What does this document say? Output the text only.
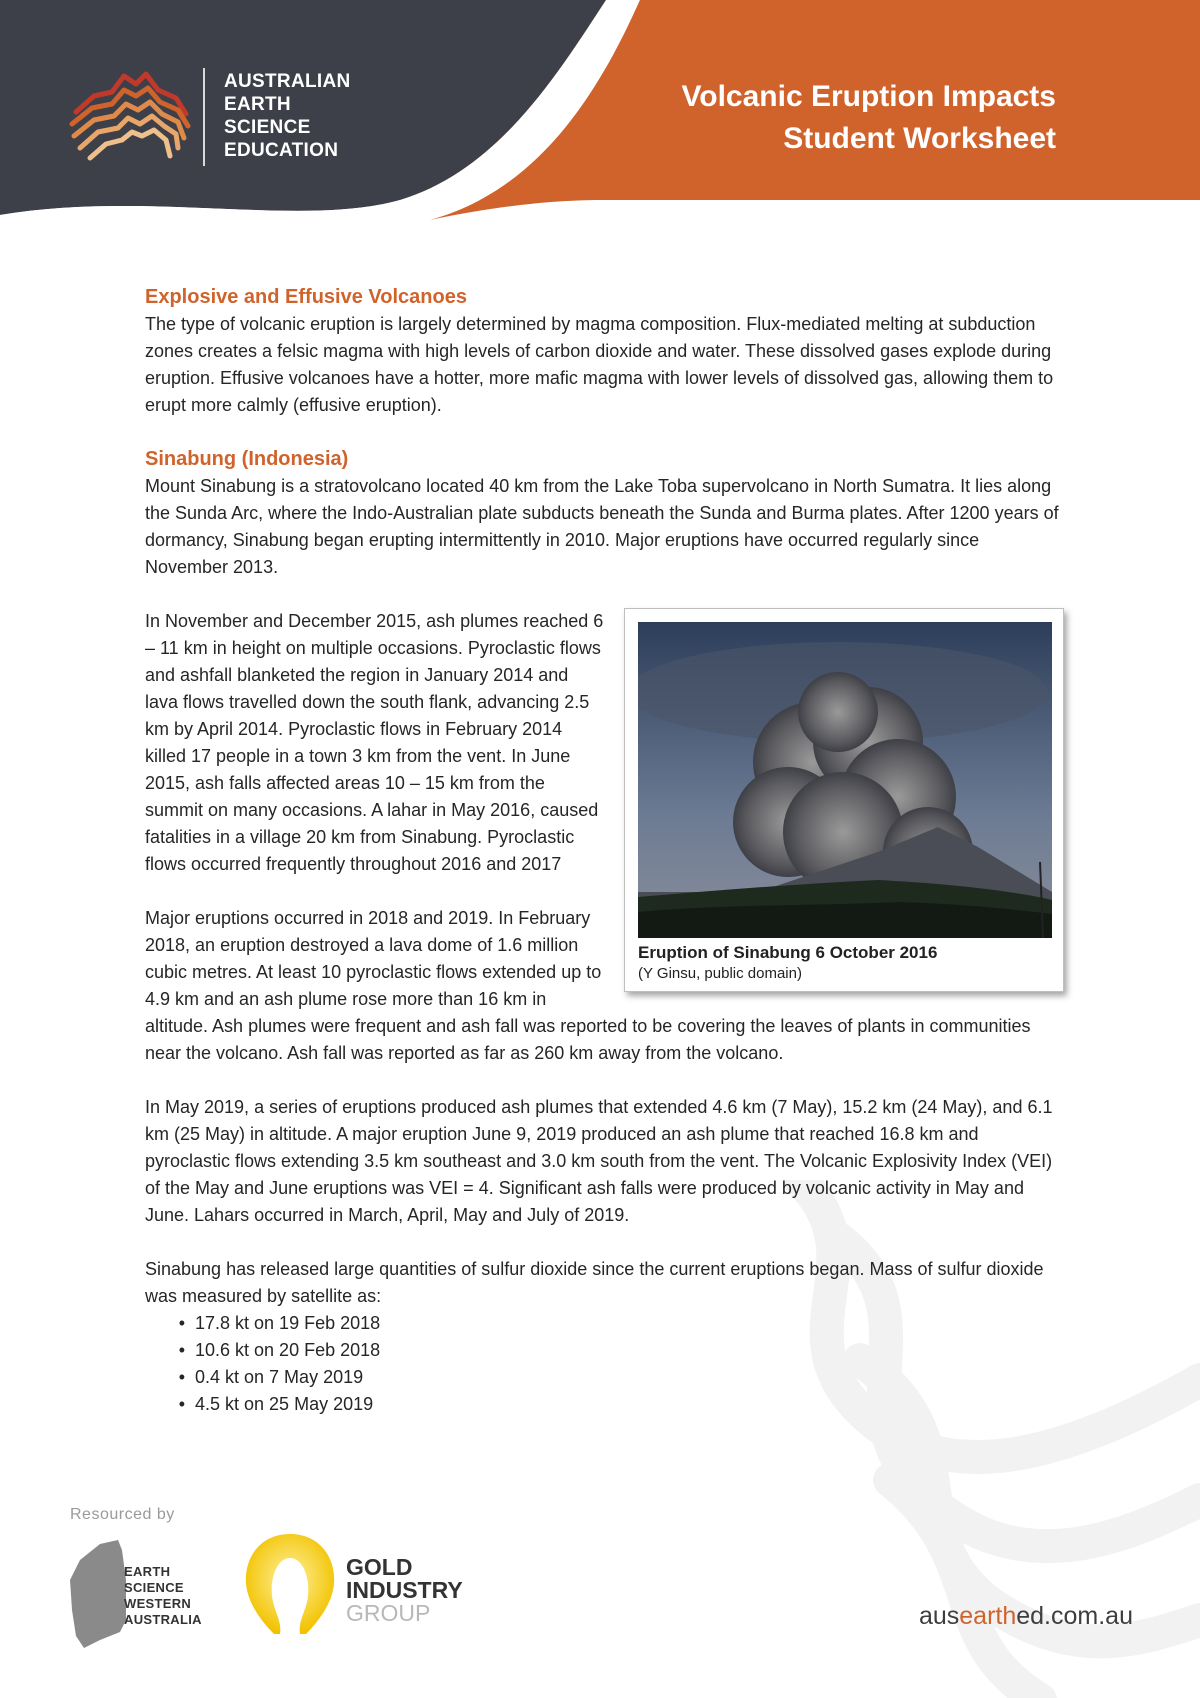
AUSTRALIAN
EARTH
SCIENCE
EDUCATION
Volcanic Eruption Impacts
Student Worksheet
Explosive and Effusive Volcanoes

The type of volcanic eruption is largely determined by magma composition. Flux-mediated melting at subduction zones creates a felsic magma with high levels of carbon dioxide and water. These dissolved gases explode during eruption. Effusive volcanoes have a hotter, more mafic magma with lower levels of dissolved gas, allowing them to erupt more calmly (effusive eruption).

Sinabung (Indonesia)

Mount Sinabung is a stratovolcano located 40 km from the Lake Toba supervolcano in North Sumatra. It lies along the Sunda Arc, where the Indo-Australian plate subducts beneath the Sunda and Burma plates. After 1200 years of dormancy, Sinabung began erupting intermittently in 2010. Major eruptions have occurred regularly since November 2013.

Eruption of Sinabung 6 October 2016
(Y Ginsu, public domain)

In November and December 2015, ash plumes reached 6 – 11 km in height on multiple occasions. Pyroclastic flows and ashfall blanketed the region in January 2014 and lava flows travelled down the south flank, advancing 2.5 km by April 2014. Pyroclastic flows in February 2014 killed 17 people in a town 3 km from the vent. In June 2015, ash falls affected areas 10 – 15 km from the summit on many occasions. A lahar in May 2016, caused fatalities in a village 20 km from Sinabung. Pyroclastic flows occurred frequently throughout 2016 and 2017

Major eruptions occurred in 2018 and 2019. In February 2018, an eruption destroyed a lava dome of 1.6 million cubic metres. At least 10 pyroclastic flows extended up to 4.9 km and an ash plume rose more than 16 km in altitude. Ash plumes were frequent and ash fall was reported to be covering the leaves of plants in communities near the volcano. Ash fall was reported as far as 260 km away from the volcano.

In May 2019, a series of eruptions produced ash plumes that extended 4.6 km (7 May), 15.2 km (24 May), and 6.1 km (25 May) in altitude. A major eruption June 9, 2019 produced an ash plume that reached 16.8 km and pyroclastic flows extending 3.5 km southeast and 3.0 km south from the vent. The Volcanic Explosivity Index (VEI) of the May and June eruptions was VEI = 4. Significant ash falls were produced by volcanic activity in May and June. Lahars occurred in March, April, May and July of 2019.

Sinabung has released large quantities of sulfur dioxide since the current eruptions began. Mass of sulfur dioxide was measured by satellite as:

• 17.8 kt on 19 Feb 2018
• 10.6 kt on 20 Feb 2018
• 0.4 kt on 7 May 2019
• 4.5 kt on 25 May 2019
Resourced by
EARTH
SCIENCE
WESTERN
AUSTRALIA
GOLD
INDUSTRY
GROUP	ausearthed.com.au
